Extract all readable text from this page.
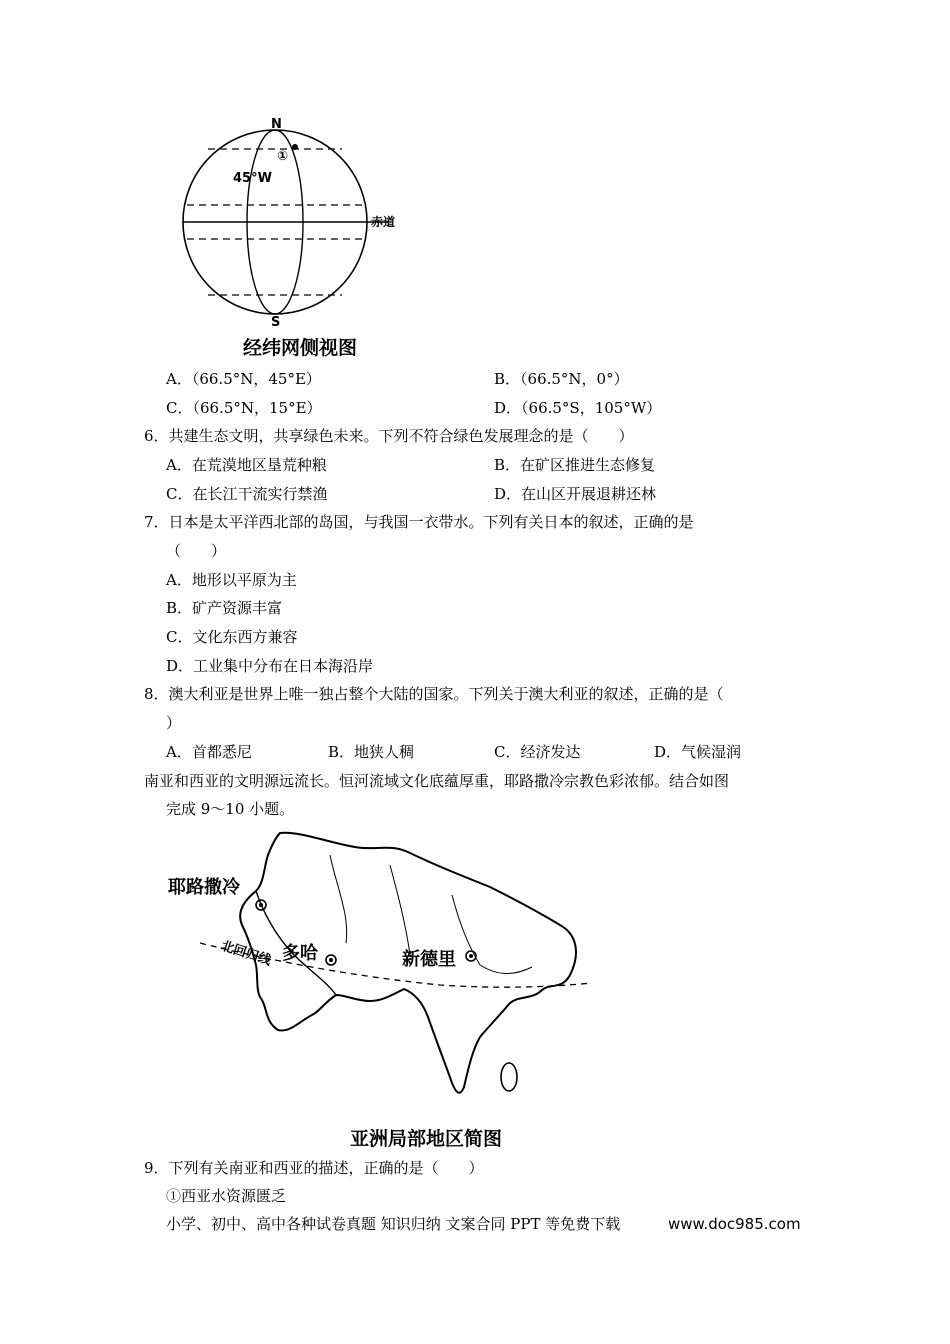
N
S
45°W
赤道
①
经纬网侧视图
A．（66.5°N，45°E）	B．（66.5°N，0°）
C．（66.5°N，15°E）	D．（66.5°S，105°W）
6．共建生态文明，共享绿色未来。下列不符合绿色发展理念的是（　　）
A．在荒漠地区垦荒种粮	B．在矿区推进生态修复
C．在长江干流实行禁渔	D．在山区开展退耕还林
7．日本是太平洋西北部的岛国，与我国一衣带水。下列有关日本的叙述，正确的是
（　　）
A．地形以平原为主
B．矿产资源丰富
C．文化东西方兼容
D．工业集中分布在日本海沿岸
8．澳大利亚是世界上唯一独占整个大陆的国家。下列关于澳大利亚的叙述，正确的是（
）
A．首都悉尼	B．地狭人稠	C．经济发达	D．气候湿润
南亚和西亚的文明源远流长。恒河流域文化底蕴厚重，耶路撒冷宗教色彩浓郁。结合如图
完成 9～10 小题。
耶路撒冷
多哈	新德里
北回归线
亚洲局部地区简图
9．下列有关南亚和西亚的描述，正确的是（　　）
①西亚水资源匮乏
小学、初中、高中各种试卷真题 知识归纳 文案合同 PPT 等免费下载	www.doc985.com
